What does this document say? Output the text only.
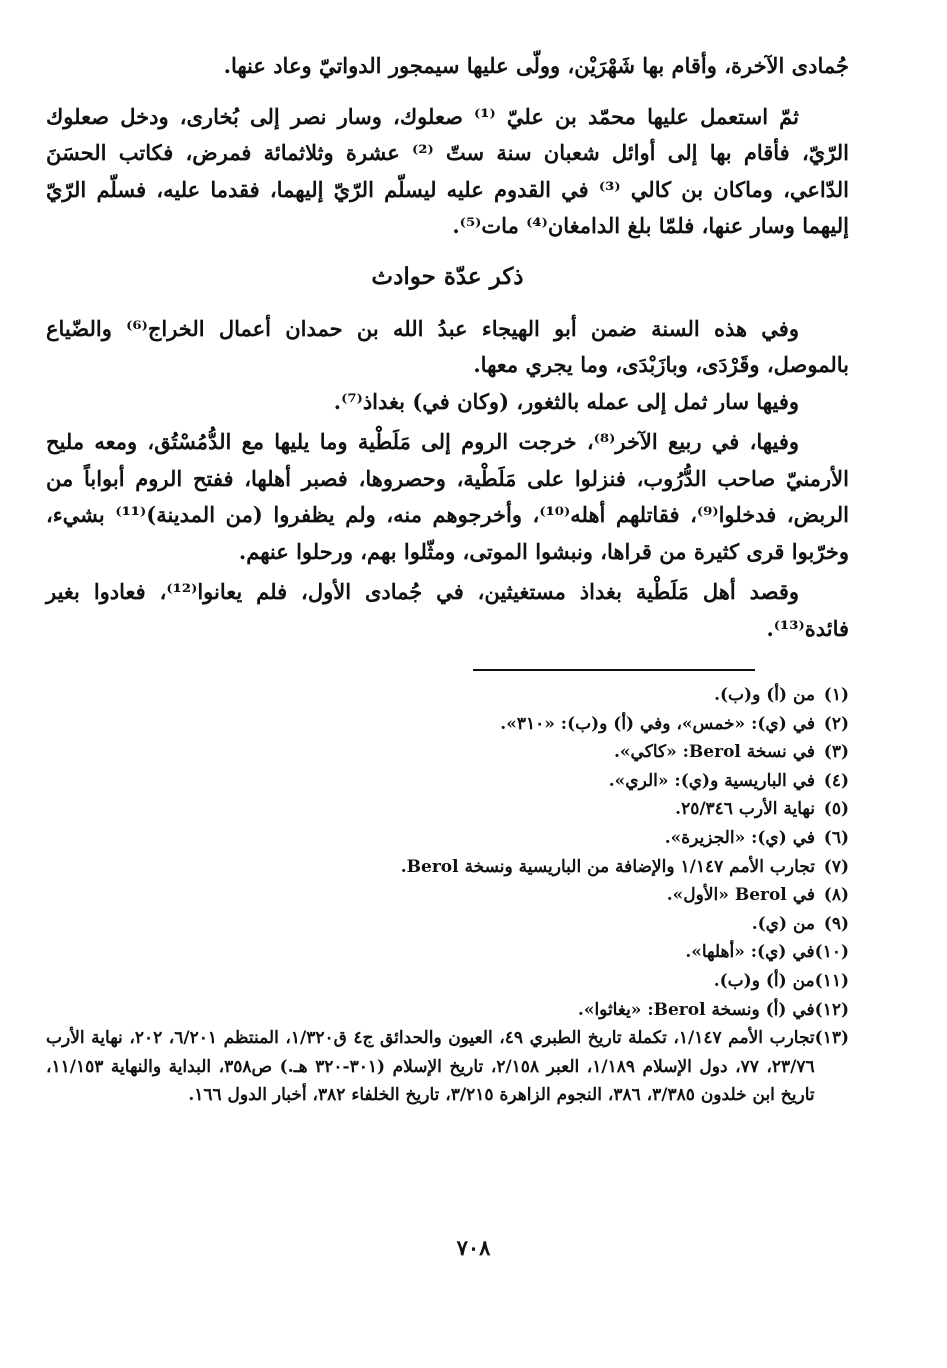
جُمادى الآخرة، وأقام بها شَهْرَيْن، وولّى عليها سيمجور الدواتيّ وعاد عنها.

ثمّ استعمل عليها محمّد بن عليّ ⁽¹⁾ صعلوك، وسار نصر إلى بُخارى، ودخل صعلوك الرّيّ، فأقام بها إلى أوائل شعبان سنة ستّ ⁽²⁾ عشرة وثلاثمائة فمرض، فكاتب الحسَنَ الدّاعي، وماكان بن كالي ⁽³⁾ في القدوم عليه ليسلّم الرّيّ إليهما، فقدما عليه، فسلّم الرّيّ إليهما وسار عنها، فلمّا بلغ الدامغان⁽⁴⁾ مات⁽⁵⁾.

ذكر عدّة حوادث

وفي هذه السنة ضمن أبو الهيجاء عبدُ الله بن حمدان أعمال الخراج⁽⁶⁾ والضّياع بالموصل، وقَرْدَى، وبازَبْدَى، وما يجري معها.

وفيها سار ثمل إلى عمله بالثغور، (وكان في) بغداذ⁽⁷⁾.

وفيها، في ربيع الآخر⁽⁸⁾، خرجت الروم إلى مَلَطْية وما يليها مع الدُّمُسْتُق، ومعه مليح الأرمنيّ صاحب الدُّرُوب، فنزلوا على مَلَطْية، وحصروها، فصبر أهلها، ففتح الروم أبواباً من الربض، فدخلوا⁽⁹⁾، فقاتلهم أهله⁽¹⁰⁾، وأخرجوهم منه، ولم يظفروا (من المدينة)⁽¹¹⁾ بشيء، وخرّبوا قرى كثيرة من قراها، ونبشوا الموتى، ومثّلوا بهم، ورحلوا عنهم.

وقصد أهل مَلَطْية بغداذ مستغيثين، في جُمادى الأول، فلم يعانوا⁽¹²⁾، فعادوا بغير فائدة⁽¹³⁾.

(١)
من (أ) و(ب).
(٢)
في (ي): «خمس»، وفي (أ) و(ب): «٣١٠».
(٣)
في نسخة Berol: «كاكي».
(٤)
في الباريسية و(ي): «الري».
(٥)
نهاية الأرب ٢٥/٣٤٦.
(٦)
في (ي): «الجزيرة».
(٧)
تجارب الأمم ١/١٤٧ والإضافة من الباريسية ونسخة Berol.
(٨)
في Berol «الأول».
(٩)
من (ي).
(١٠)
في (ي): «أهلها».
(١١)
من (أ) و(ب).
(١٢)
في (أ) ونسخة Berol: «يغاثوا».
(١٣)
تجارب الأمم ١/١٤٧، تكملة تاريخ الطبري ٤٩، العيون والحدائق ج٤ ق١/٣٢٠، المنتظم ٦/٢٠١، ٢٠٢، نهاية الأرب ٢٣/٧٦، ٧٧، دول الإسلام ١/١٨٩، العبر ٢/١٥٨، تاريخ الإسلام (٣٠١-٣٢٠ هـ.) ص٣٥٨، البداية والنهاية ١١/١٥٣، تاريخ ابن خلدون ٣/٣٨٥، ٣٨٦، النجوم الزاهرة ٣/٢١٥، تاريخ الخلفاء ٣٨٢، أخبار الدول ١٦٦.
٧٠٨
